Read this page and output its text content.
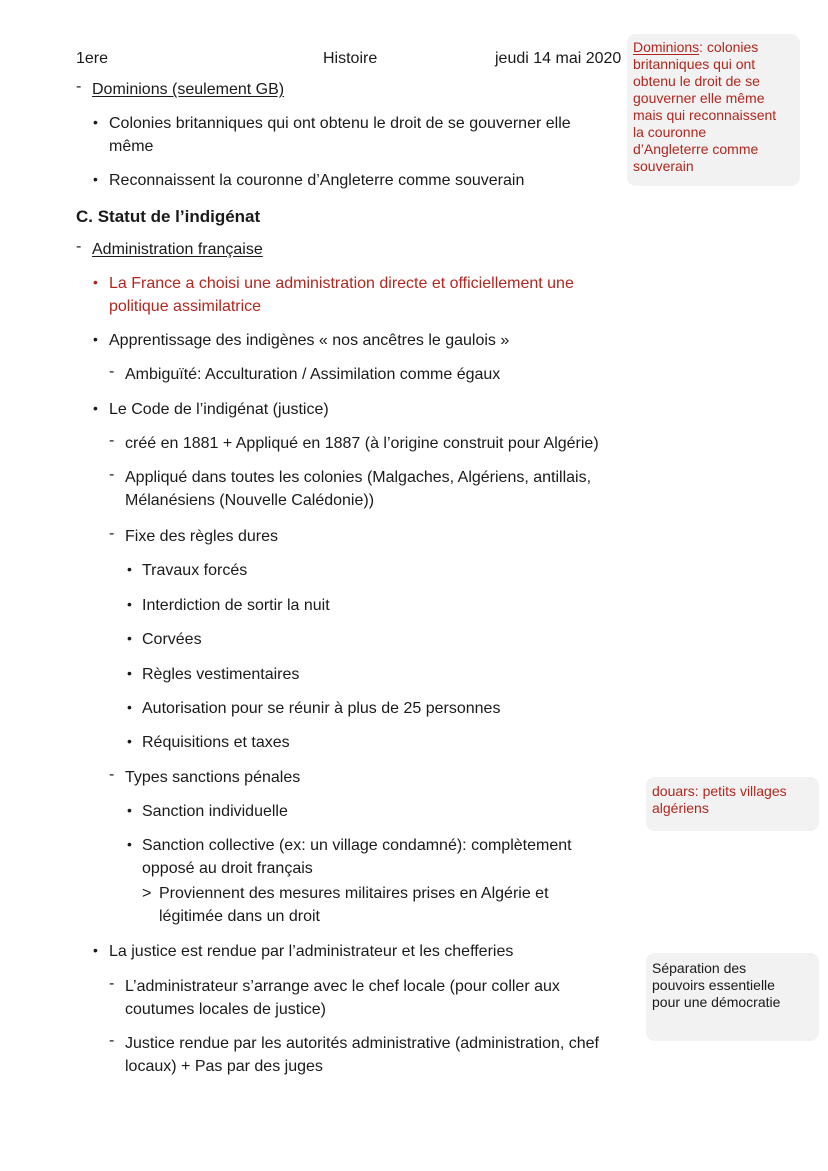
1ere	Histoire	jeudi 14 mai 2020
- Dominions (seulement GB)
• Colonies britanniques qui ont obtenu le droit de se gouverner elle
même
• Reconnaissent la couronne d’Angleterre comme souverain
C. Statut de l’indigénat
- Administration française
• La France a choisi une administration directe et officiellement une
politique assimilatrice
• Apprentissage des indigènes « nos ancêtres le gaulois »
- Ambiguïté: Acculturation / Assimilation comme égaux
• Le Code de l’indigénat (justice)
- créé en 1881 + Appliqué en 1887 (à l’origine construit pour Algérie)
- Appliqué dans toutes les colonies (Malgaches, Algériens, antillais,
Mélanésiens (Nouvelle Calédonie))
- Fixe des règles dures
• Travaux forcés
• Interdiction de sortir la nuit
• Corvées
• Règles vestimentaires
• Autorisation pour se réunir à plus de 25 personnes
• Réquisitions et taxes
- Types sanctions pénales
• Sanction individuelle
• Sanction collective (ex: un village condamné): complètement
opposé au droit français
> Proviennent des mesures militaires prises en Algérie et
légitimée dans un droit
• La justice est rendue par l’administrateur et les chefferies
- L’administrateur s’arrange avec le chef locale (pour coller aux
coutumes locales de justice)
- Justice rendue par les autorités administrative (administration, chef
locaux) + Pas par des juges
Dominions: colonies
britanniques qui ont
obtenu le droit de se
gouverner elle même
mais qui reconnaissent
la couronne
d’Angleterre comme
souverain
douars: petits villages
algériens
Séparation des
pouvoirs essentielle
pour une démocratie
